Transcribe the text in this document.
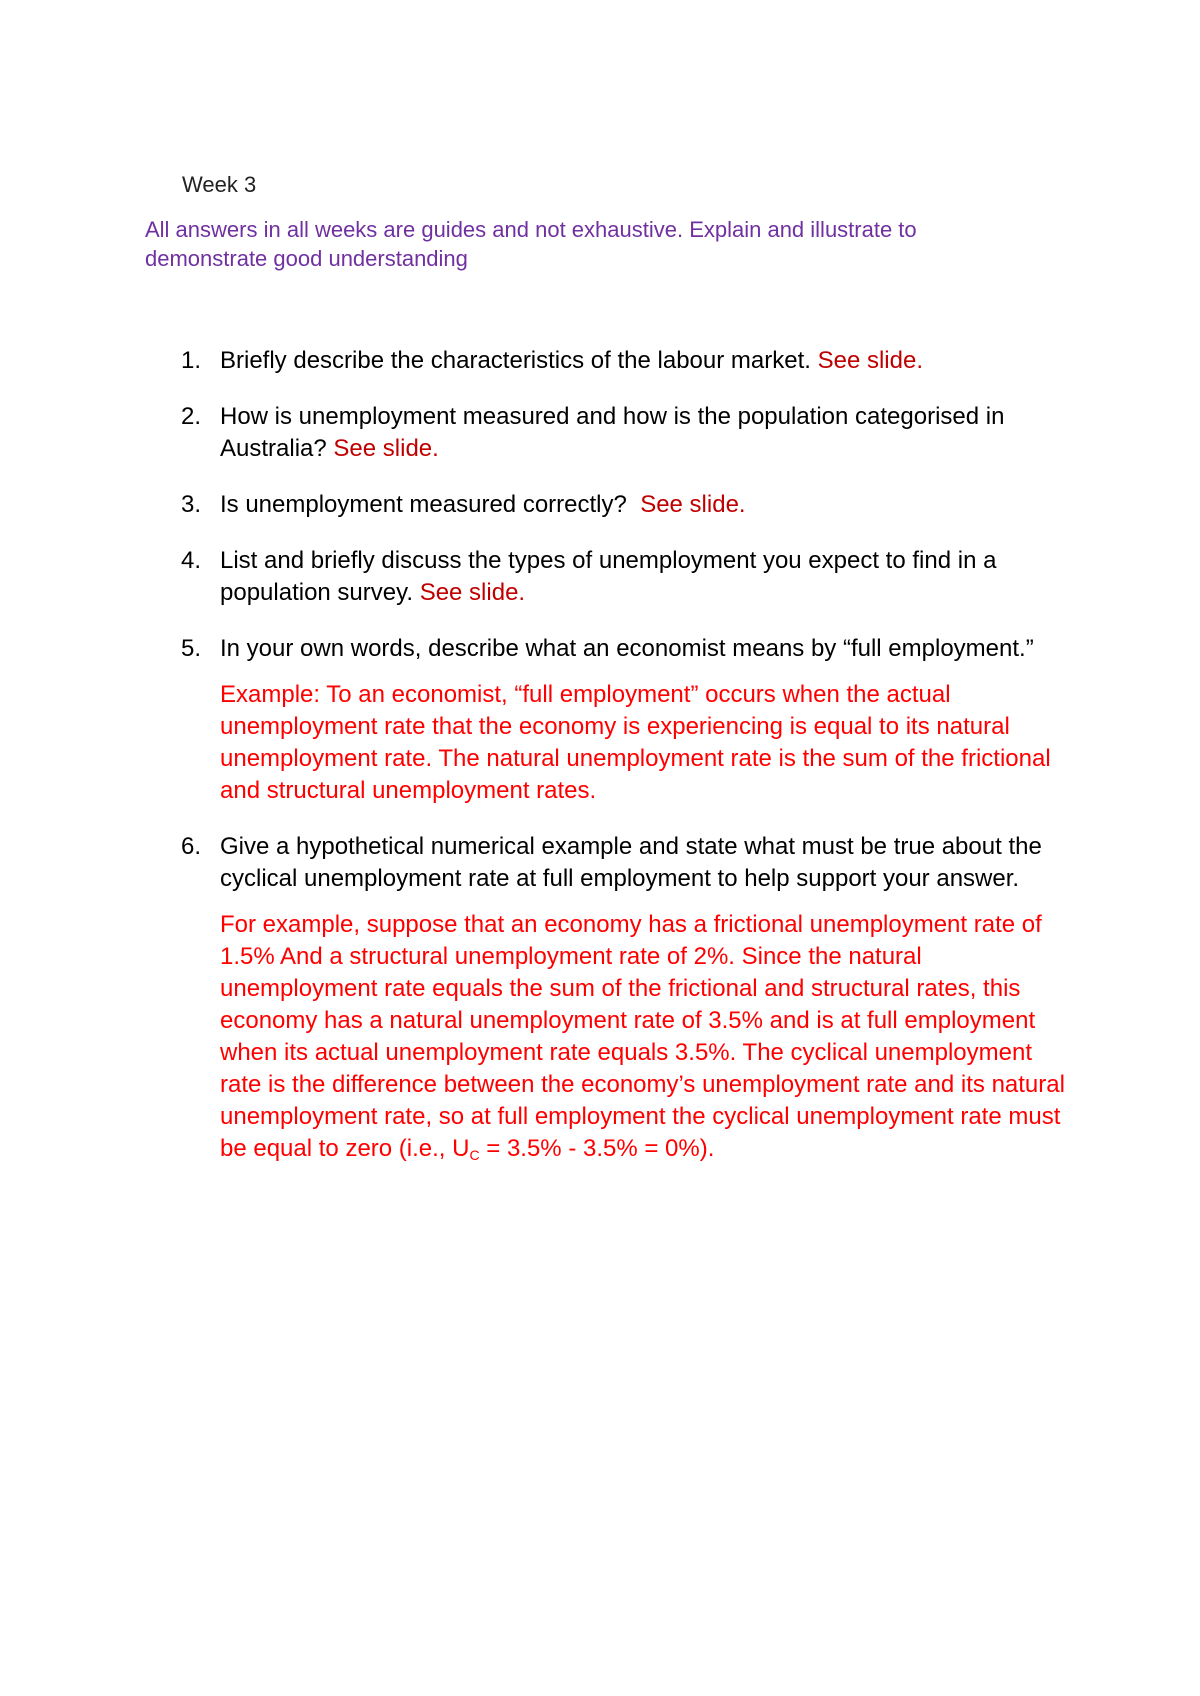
Week 3
All answers in all weeks are guides and not exhaustive. Explain and illustrate to demonstrate good understanding
1. Briefly describe the characteristics of the labour market. See slide.
2. How is unemployment measured and how is the population categorised in Australia? See slide.
3. Is unemployment measured correctly? See slide.
4. List and briefly discuss the types of unemployment you expect to find in a population survey. See slide.
5. In your own words, describe what an economist means by “full employment.”
Example: To an economist, “full employment” occurs when the actual unemployment rate that the economy is experiencing is equal to its natural unemployment rate. The natural unemployment rate is the sum of the frictional and structural unemployment rates.
6. Give a hypothetical numerical example and state what must be true about the cyclical unemployment rate at full employment to help support your answer.
For example, suppose that an economy has a frictional unemployment rate of 1.5% And a structural unemployment rate of 2%. Since the natural unemployment rate equals the sum of the frictional and structural rates, this economy has a natural unemployment rate of 3.5% and is at full employment when its actual unemployment rate equals 3.5%. The cyclical unemployment rate is the difference between the economy’s unemployment rate and its natural unemployment rate, so at full employment the cyclical unemployment rate must be equal to zero (i.e., $U_C = 3.5\% - 3.5\% = 0\%$).
